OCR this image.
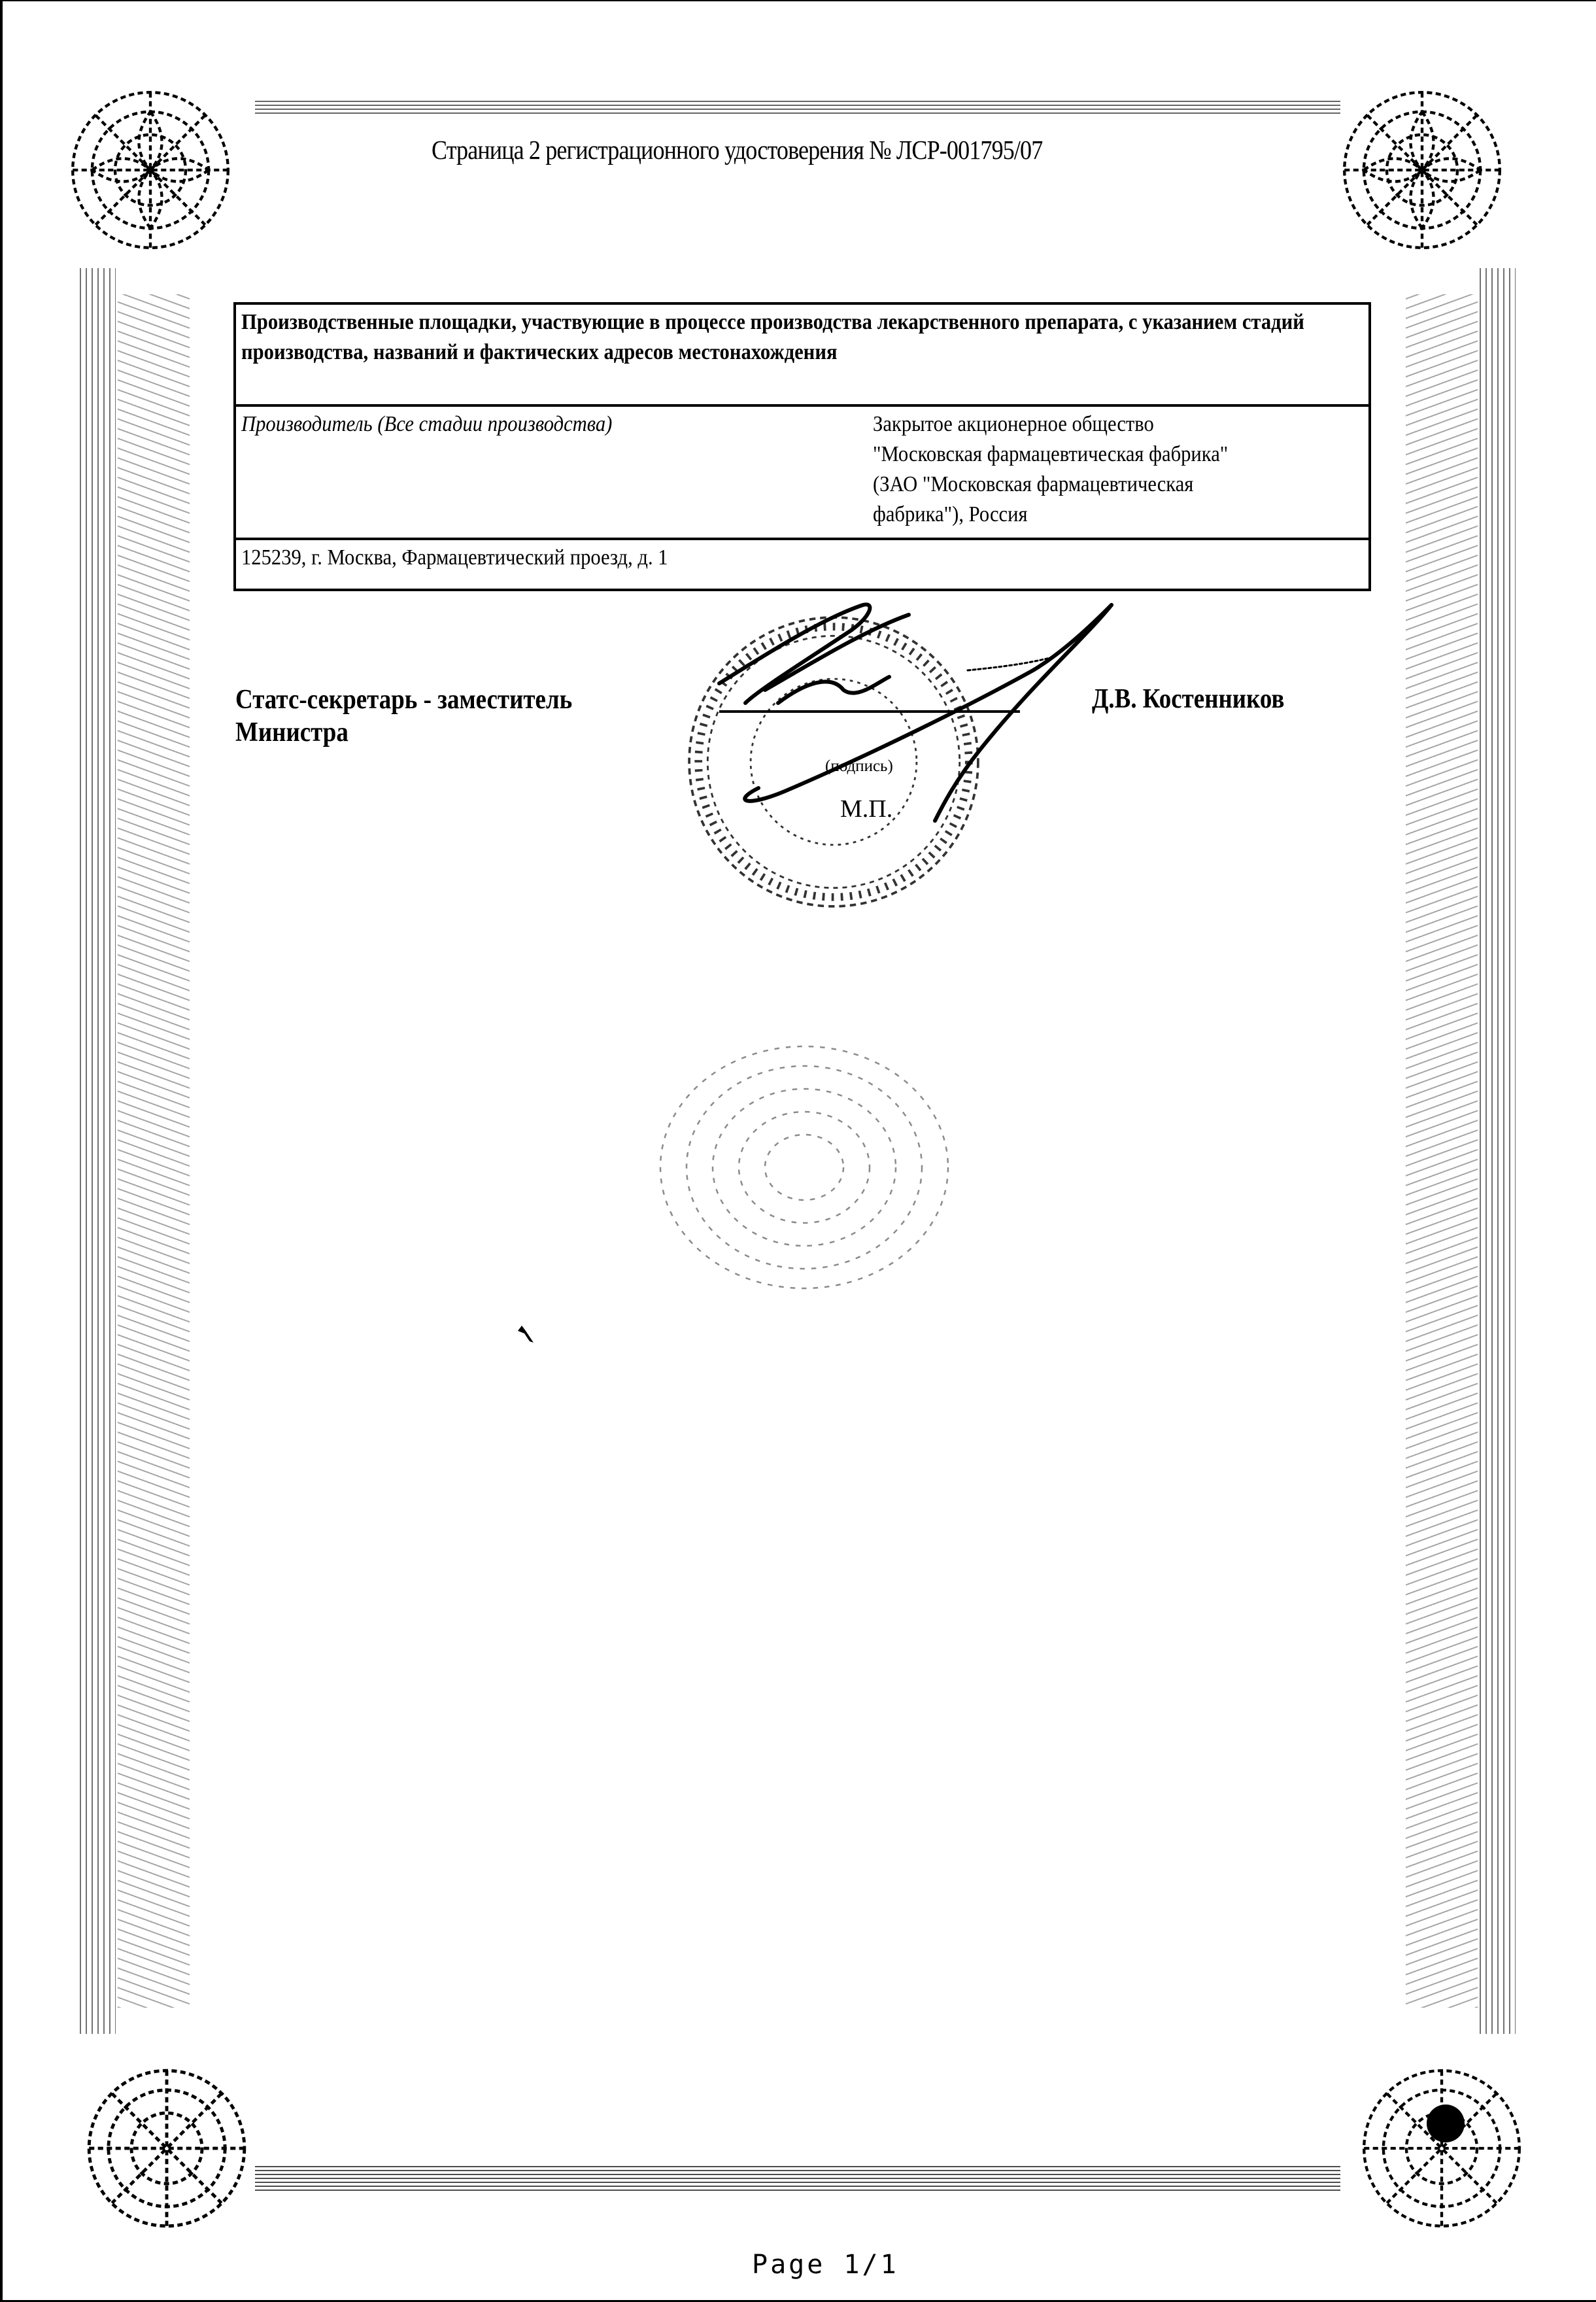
Страница 2 регистрационного удостоверения № ЛСР-001795/07
Производственные площадки, участвующие в процессе производства лекарственного препарата, с указанием стадий производства, названий и фактических адресов местонахождения
Производитель (Все стадии производства)	Закрытое акционерное общество
"Московская фармацевтическая фабрика"
(ЗАО "Московская фармацевтическая
фабрика"), Россия
125239, г. Москва, Фармацевтический проезд, д. 1
Статс-секретарь - заместитель
Министра
(подпись)
М.П.
Д.В. Костенников
Page 1/1
